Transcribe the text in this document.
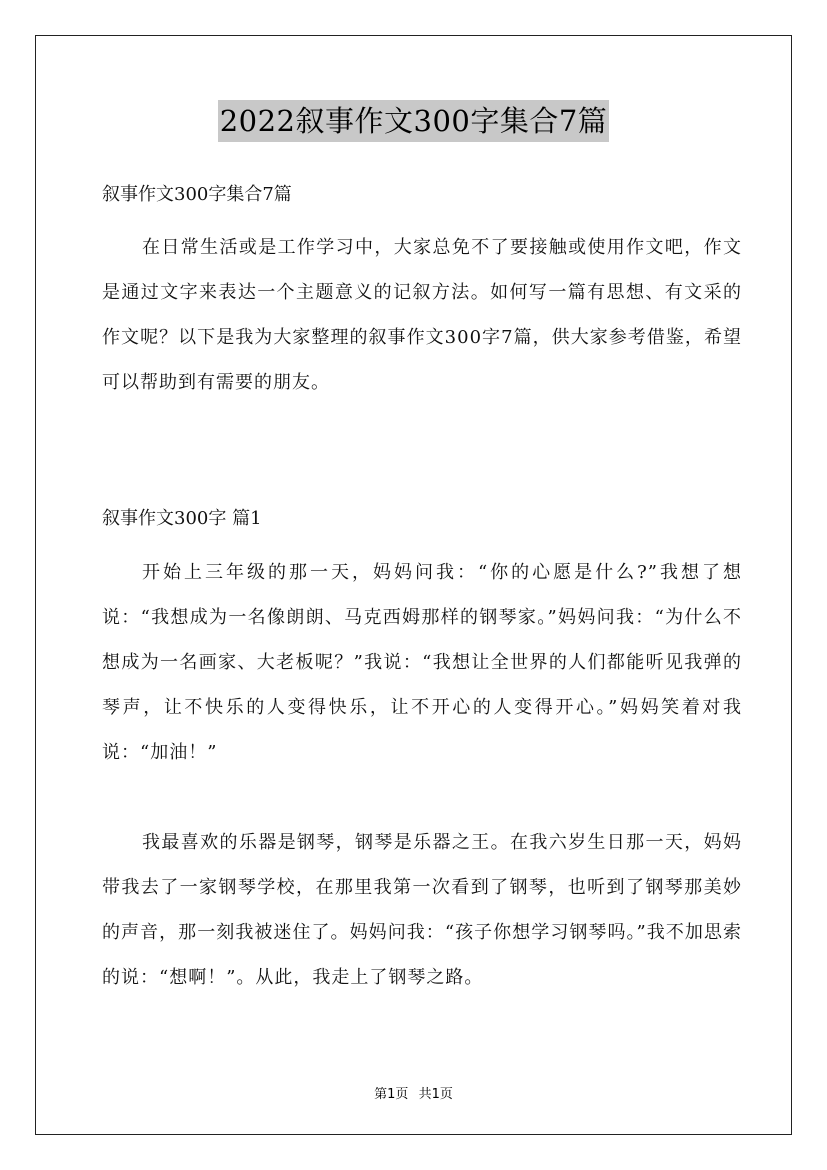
2022叙事作文300字集合7篇
叙事作文300字集合7篇
在日常生活或是工作学习中，大家总免不了要接触或使用作文吧，作文是通过文字来表达一个主题意义的记叙方法。如何写一篇有思想、有文采的作文呢？以下是我为大家整理的叙事作文300字7篇，供大家参考借鉴，希望可以帮助到有需要的朋友。
叙事作文300字 篇1
开始上三年级的那一天，妈妈问我：“你的心愿是什么?”我想了想说：“我想成为一名像朗朗、马克西姆那样的钢琴家。”妈妈问我：“为什么不想成为一名画家、大老板呢？”我说：“我想让全世界的人们都能听见我弹的琴声，让不快乐的人变得快乐，让不开心的人变得开心。”妈妈笑着对我说：“加油！”
我最喜欢的乐器是钢琴，钢琴是乐器之王。在我六岁生日那一天，妈妈带我去了一家钢琴学校，在那里我第一次看到了钢琴，也听到了钢琴那美妙的声音，那一刻我被迷住了。妈妈问我：“孩子你想学习钢琴吗。”我不加思索的说：“想啊！”。从此，我走上了钢琴之路。
第1页 共1页
